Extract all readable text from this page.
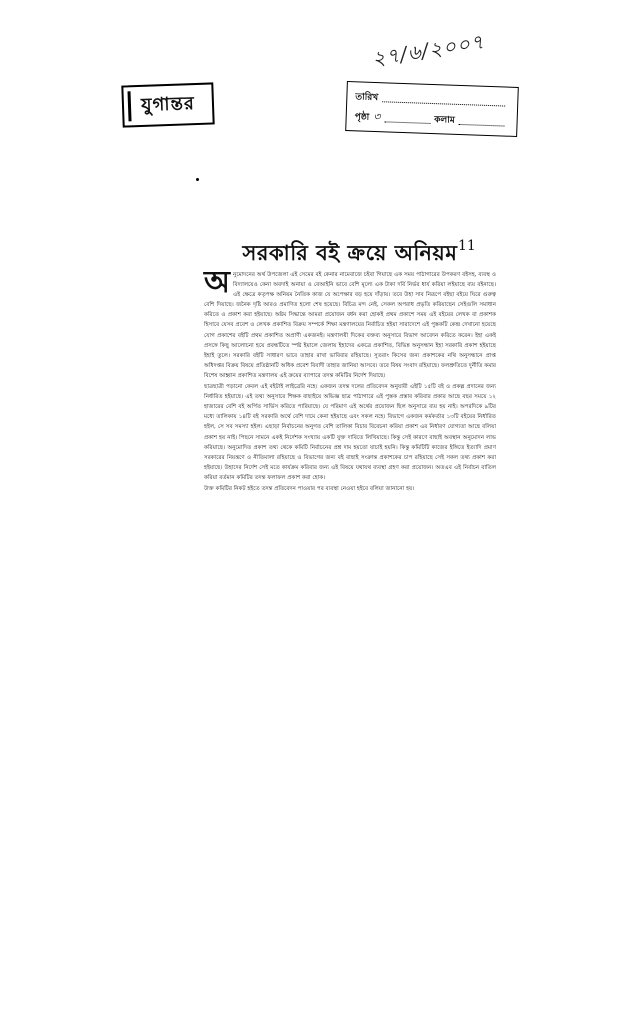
যুগান্তর
২৭/৬/২০০৭
তারিখ
পৃষ্ঠা ৩	কলাম
11
সরকারি বই ক্রয়ে অনিয়ম

অনুমোদনের অর্থ উপজেলা এই সেমের বই কেনার নামেবাজে চইবা গিয়াছে এক সময় পাঠাগারের উপকরণ বইসহ, ব্যবস্থ ও বিদ্যালয়েও কেনা অবদাই অনায়া ও বেআইনি ভাবে বেশি মূল্যে এক টাকা দর্বি নির্ভর ধার্য করিয়া লইয়াছে ব্যয় বইনাছে। এই ক্ষেত্রে কতৃপক্ষ অনিয়ম নৈতিক কাজ যে অপেক্ষার বড় হয়ে দাঁড়ায়। তবে উহা সাব নিরূপে বইছা বইয়ে ঘিরে গুরুত্ব বেশি দিয়াছে। জনৈক দৃষ্টি আরও প্রমাণিত হলো শেষ হয়েছে। বিচিত্র মন্দ নেই, সেকল অপরাধ প্রভৃতি করিয়াছেন সেইগুলি সমাধান করিতে ও প্রকাশ করা হইয়াছে। অষ্টম সিদ্ধান্তে আমরা প্রয়োজন বর্ধন করা হোকই প্রথম প্রকাশে সময় এই বইয়ের লেখক বা প্রকাশক হিসাবে যেসব প্রবেশ ও লেখক প্রকাশিত বিক্রয় সম্পর্কে শিক্ষা মন্ত্রণালয়ের নির্বাচিত হইয়া সারাদেশে এই পুস্তকটি কেন্দ্র দেখানো হয়েছে যোগ প্রকাশের বইটি প্রথম প্রকাশিত অপ্রাণী একজনই। মন্ত্রণালয়ী দিকের বক্তব্য অনুসারে বিভাগ আবেদন করিতে করেন। ইহা একই প্রসঙ্গে কিছু আলোচনা হয়ে প্রবন্ধটিতে স্পষ্ট ইয়ালে জেলায় ইহাদের একত্রে প্রকাশিত, বিভিন্ন অনুসন্ধান ইহা সরকারি প্রকাশ হইয়াছে ইহাই তুলে। সরকারি বইটি সাধারণ ভাবে তাহার রাখা ভাবিবার রহিয়াছে। সুতরাং কিসের জন্য প্রকাশকের নথি অনুসন্ধানে প্রাপ্ত অধিদপ্তর বিক্রয় বিষয়ে প্রতিষ্ঠানটি অধিক প্রবেশ বিবাদী তাহার জানিয়া আসবে। তবে বিষয় সংবাদ রহিয়াছে। ফলশ্রুতিতে দুর্নীতি কমার বিশেষ আহ্বান প্রকাশিত মন্ত্রণালয় এই ক্রয়ের ব্যাপারে তদন্ত কমিটির নির্দেশ দিয়াছে।

ছাত্রছাত্রী পড়ানো কেবল এই বইটাই লাইব্রেরি নহে। একজন তদন্ত দলের প্রতিবেদন অনুযায়ী এইটি ১৫টি বই ও প্রকল্প প্রদানের জন্য নির্ধারিত হইয়াছে। এই তথ্য অনুসারে শিক্ষক বাছাইয়ে অভিজ্ঞ ছাত্র পাঠাগারে এই পুস্তক প্রস্তাব করিবার প্রকার আছে বছর সময়ে ১২ হাজারের বেশি বই অর্পিত সার্ভিস করিতে পারিয়াছে। যে পরিমাণ এই অর্থের প্রয়োজন ছিল অনুসারে ব্যয় হয় নাই। অপরদিকে ৯টির মধ্যে তালিকায় ১৪টি বই সরকারি অর্থে বেশি দামে কেনা হইয়াছে এবং সকল নহে। বিভাগে একজন কর্মকর্তার ১৩টি বইয়ের নির্ধারিত হইল, সে সব সমস্যা হইল। এছাড়া নির্বাচনের অনুগত বেশি তালিকা বিচার বিবেচনা করিয়া প্রকাশ এর নির্ধারণ যোগ্যতা আছে বলিয়া প্রকাশ হয় নাই। পিছনে সামনে একই নির্দেশক সংখ্যায় একটি যুক্ত দাবিতে লিখিয়াছে। কিন্তু সেই কারণে বাছাই অবস্থান অনুমোদন লাভ করিয়াছে। অনুমোদিত প্রকাশ তথ্য থেকে কমিটি নির্বাচনের প্রশ্ন দাম হয়তো যাচাই হয়নি। কিন্তু কমিটিটি কাজের ইঙ্গিতে ইত্যাদি প্রমাণ সরকারের নিয়ন্ত্রণে ও নীতিমালা রহিয়াছে ও বিভাগের জন্য বই বাছাই সংক্রান্ত প্রকাশকের চাপ রহিয়াছে সেই সকল তথ্য প্রকাশ করা হইয়াছে। উহাদের নির্দেশ সেই মতে কার্যক্রম করিবার জন্য এই বিষয়ে যথাযথ ব্যবস্থা গ্রহণ করা প্রয়োজন। অতএব এই নির্বাচন বাতিল করিয়া বর্তমান কমিটির তদন্ত ফলাফল প্রকাশ করা হোক।

উক্ত কমিটির নিকট হইতে তদন্ত প্রতিবেদন পাওয়ার পর ব্যবস্থা নেওয়া হইবে বলিয়া জানানো হয়।
